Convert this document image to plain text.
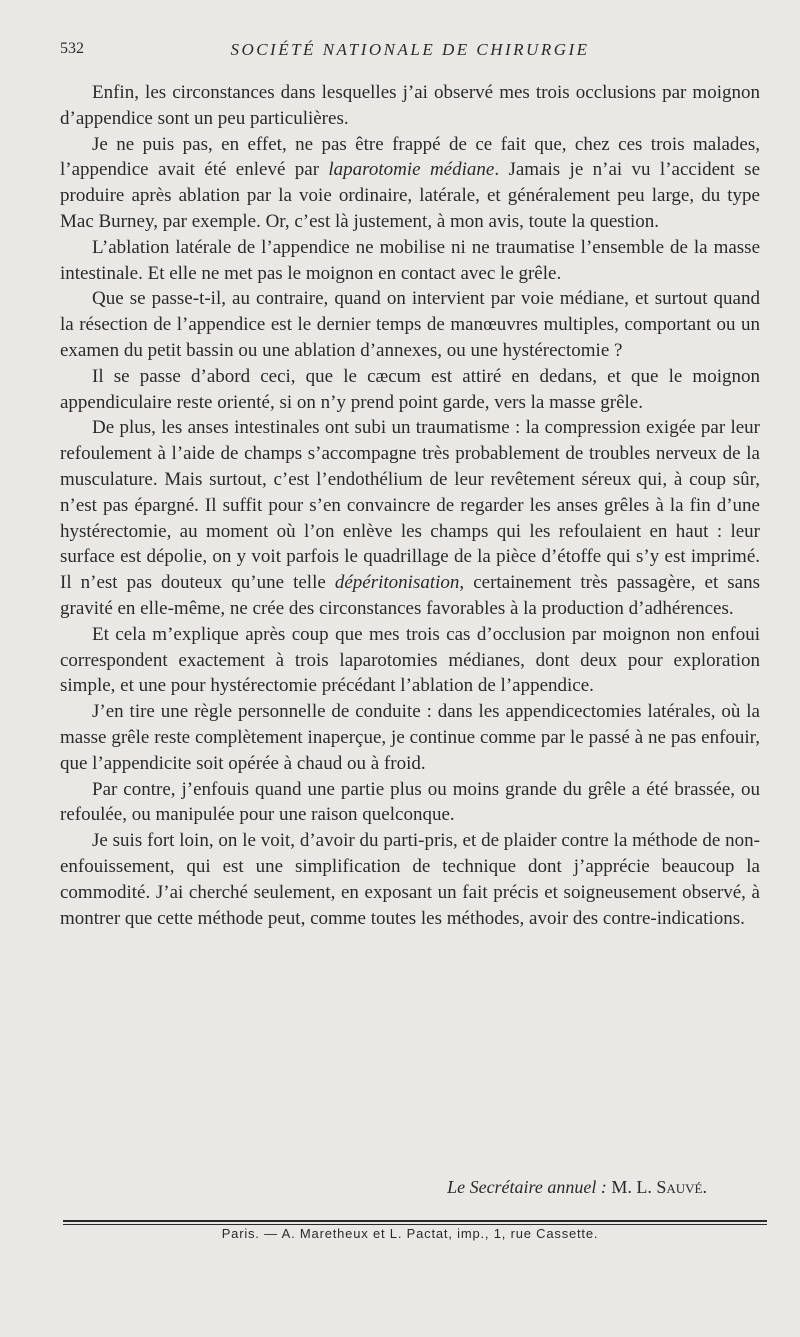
532	SOCIÉTÉ NATIONALE DE CHIRURGIE

Enfin, les circonstances dans lesquelles j’ai observé mes trois occlusions par moignon d’appendice sont un peu particulières.

Je ne puis pas, en effet, ne pas être frappé de ce fait que, chez ces trois malades, l’appendice avait été enlevé par laparotomie médiane. Jamais je n’ai vu l’accident se produire après ablation par la voie ordinaire, latérale, et généralement peu large, du type Mac Burney, par exemple. Or, c’est là justement, à mon avis, toute la question.

L’ablation latérale de l’appendice ne mobilise ni ne traumatise l’ensemble de la masse intestinale. Et elle ne met pas le moignon en contact avec le grêle.

Que se passe-t-il, au contraire, quand on intervient par voie médiane, et surtout quand la résection de l’appendice est le dernier temps de manœuvres multiples, comportant ou un examen du petit bassin ou une ablation d’annexes, ou une hystérectomie ?

Il se passe d’abord ceci, que le cæcum est attiré en dedans, et que le moignon appendiculaire reste orienté, si on n’y prend point garde, vers la masse grêle.

De plus, les anses intestinales ont subi un traumatisme : la compression exigée par leur refoulement à l’aide de champs s’accompagne très probablement de troubles nerveux de la musculature. Mais surtout, c’est l’endothélium de leur revêtement séreux qui, à coup sûr, n’est pas épargné. Il suffit pour s’en convaincre de regarder les anses grêles à la fin d’une hystérectomie, au moment où l’on enlève les champs qui les refoulaient en haut : leur surface est dépolie, on y voit parfois le quadrillage de la pièce d’étoffe qui s’y est imprimé. Il n’est pas douteux qu’une telle dépéritonisation, certainement très passagère, et sans gravité en elle-même, ne crée des circonstances favorables à la production d’adhérences.

Et cela m’explique après coup que mes trois cas d’occlusion par moignon non enfoui correspondent exactement à trois laparotomies médianes, dont deux pour exploration simple, et une pour hystérectomie précédant l’ablation de l’appendice.

J’en tire une règle personnelle de conduite : dans les appendicectomies latérales, où la masse grêle reste complètement inaperçue, je continue comme par le passé à ne pas enfouir, que l’appendicite soit opérée à chaud ou à froid.

Par contre, j’enfouis quand une partie plus ou moins grande du grêle a été brassée, ou refoulée, ou manipulée pour une raison quelconque.

Je suis fort loin, on le voit, d’avoir du parti-pris, et de plaider contre la méthode de non-enfouissement, qui est une simplification de technique dont j’apprécie beaucoup la commodité. J’ai cherché seulement, en exposant un fait précis et soigneusement observé, à montrer que cette méthode peut, comme toutes les méthodes, avoir des contre-indications.

Le Secrétaire annuel : M. L. Sauvé.
Paris. — A. Maretheux et L. Pactat, imp., 1, rue Cassette.
